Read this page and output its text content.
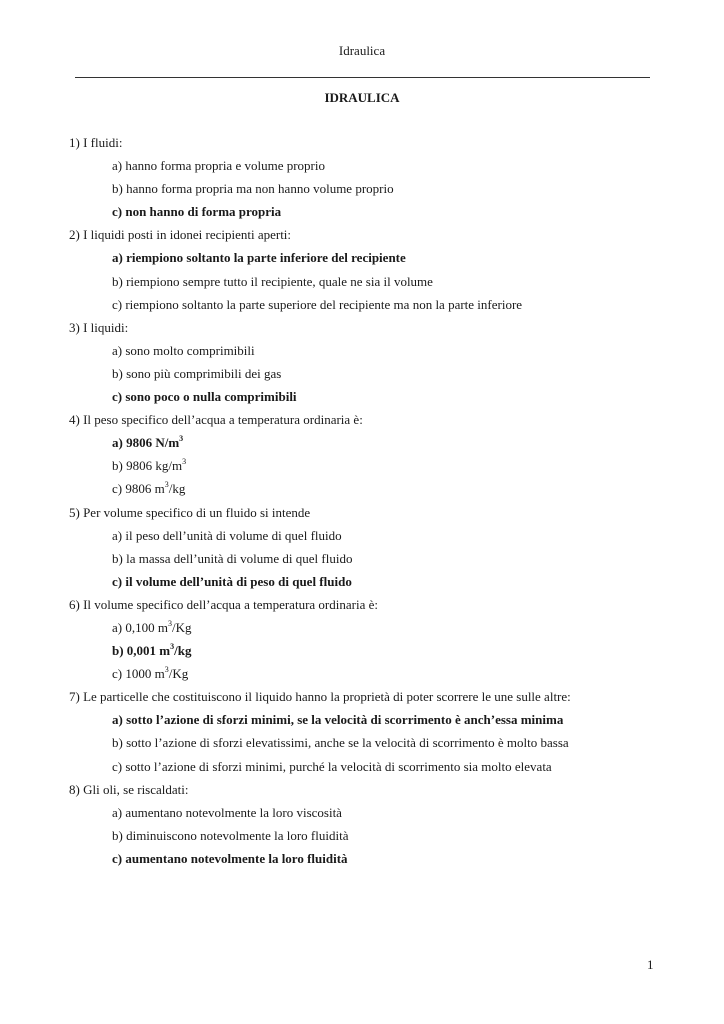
Idraulica
IDRAULICA
1) I fluidi:
a) hanno forma propria e volume proprio
b) hanno forma propria ma non hanno volume proprio
c) non hanno di forma propria
2) I liquidi posti in idonei recipienti aperti:
a) riempiono soltanto la parte inferiore del recipiente
b) riempiono sempre tutto il recipiente, quale ne sia il volume
c) riempiono soltanto la parte superiore del recipiente ma non la parte inferiore
3) I liquidi:
a) sono molto comprimibili
b) sono più comprimibili dei gas
c) sono poco o nulla comprimibili
4) Il peso specifico dell’acqua a temperatura ordinaria è:
a) 9806 $N/m^3$
b) 9806 $kg/m^3$
c) 9806 $m^3/kg$
5) Per volume specifico di un fluido si intende
a) il peso dell’unità di volume di quel fluido
b) la massa dell’unità di volume di quel fluido
c) il volume dell’unità di peso di quel fluido
6) Il volume specifico dell’acqua a temperatura ordinaria è:
a) 0,100 $m^3/Kg$
b) 0,001 $m^3/kg$
c) 1000 $m^3/Kg$
7) Le particelle che costituiscono il liquido hanno la proprietà di poter scorrere le une sulle altre:
a) sotto l’azione di sforzi minimi, se la velocità di scorrimento è anch’essa minima
b) sotto l’azione di sforzi elevatissimi, anche se la velocità di scorrimento è molto bassa
c) sotto l’azione di sforzi minimi, purché la velocità di scorrimento sia molto elevata
8) Gli oli, se riscaldati:
a) aumentano notevolmente la loro viscosità
b) diminuiscono notevolmente la loro fluidità
c) aumentano notevolmente la loro fluidità
1
